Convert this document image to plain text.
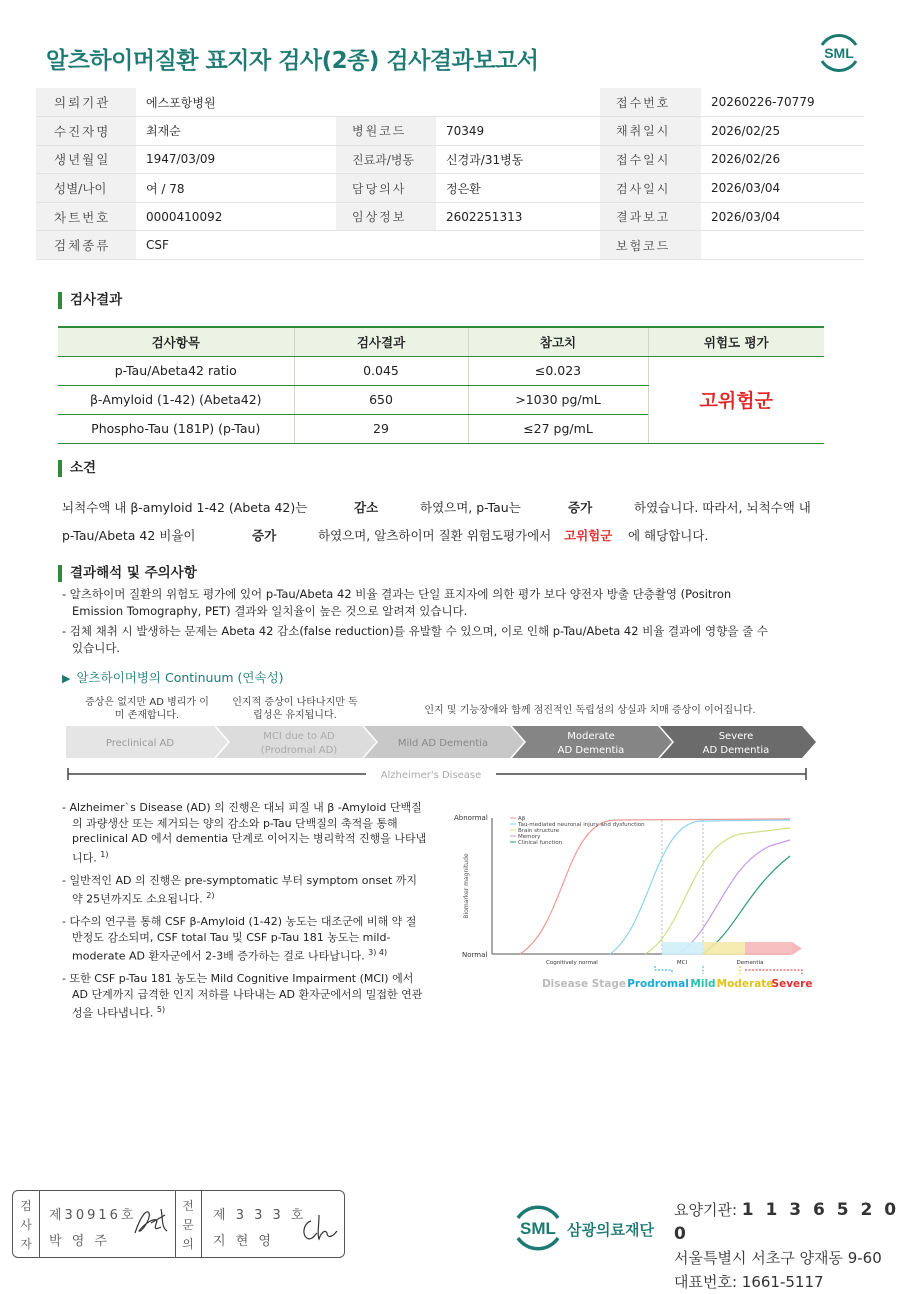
알츠하이머질환 표지자 검사(2종) 검사결과보고서	SML
의뢰기관	에스포항병원			접수번호	20260226-70779
수진자명	최재순	병원코드	70349	채취일시	2026/02/25
생년월일	1947/03/09	진료과/병동	신경과/31병동	접수일시	2026/02/26
성별/나이	여 / 78	담당의사	정은환	검사일시	2026/03/04
차트번호	0000410092	임상정보	2602251313	결과보고	2026/03/04
검체종류	CSF			보험코드	
검사결과
검사항목	검사결과	참고치	위험도 평가
p-Tau/Abeta42 ratio	0.045	≤0.023	고위험군
β-Amyloid (1-42) (Abeta42)	650	>1030 pg/mL	
Phospho-Tau (181P) (p-Tau)	29	≤27 pg/mL	
소견
뇌척수액 내 β-amyloid 1-42 (Abeta 42)는	감소	하였으며, p-Tau는	증가	하였습니다. 따라서, 뇌척수액 내
p-Tau/Abeta 42 비율이	증가	하였으며, 알츠하이머 질환 위험도평가에서 고위험군 에 해당합니다.
결과해석 및 주의사항
- 알츠하이머 질환의 위험도 평가에 있어 p-Tau/Abeta 42 비율 결과는 단일 표지자에 의한 평가 보다 양전자 방출 단층촬영 (Positron Emission Tomography, PET) 결과와 일치율이 높은 것으로 알려져 있습니다.
- 검체 채취 시 발생하는 문제는 Abeta 42 감소(false reduction)를 유발할 수 있으며, 이로 인해 p-Tau/Abeta 42 비율 결과에 영향을 줄 수 있습니다.
▶ 알츠하이머병의 Continuum (연속성)
증상은 없지만 AD 병리가 이미 존재합니다.
인지적 증상이 나타나지만 독립성은 유지됩니다.	인지 및 기능장애와 함께 점진적인 독립성의 상실과 치매 증상이 이어집니다.
Preclinical AD
MCI due to AD
(Prodromal AD)
Mild AD Dementia
Moderate
AD Dementia
Severe
AD Dementia
Alzheimer's Disease
- Alzheimer`s Disease (AD) 의 진행은 대뇌 피질 내 β -Amyloid 단백질의 과량생산 또는 제거되는 양의 감소와 p-Tau 단백질의 축적을 통해 preclinical AD 에서 dementia 단계로 이어지는 병리학적 진행을 나타냅니다. $^{1)}$
- 일반적인 AD 의 진행은 pre-symptomatic 부터 symptom onset 까지 약 25년까지도 소요됩니다. $^{2)}$
- 다수의 연구를 통해 CSF β-Amyloid (1-42) 농도는 대조군에 비해 약 절반정도 감소되며, CSF total Tau 및 CSF p-Tau 181 농도는 mild-moderate AD 환자군에서 2-3배 증가하는 걸로 나타납니다. $^{3) 4)}$
- 또한 CSF p-Tau 181 농도는 Mild Cognitive Impairment (MCI) 에서 AD 단계까지 급격한 인지 저하를 나타내는 AD 환자군에서의 밀접한 연관성을 나타냅니다. $^{5)}$
Abnormal
Normal
Biomarker magnitude
Aβ
Tau-mediated neuronal injury and dysfunction
Brain structure
Memory
Clinical function
Cognitively normal	MCI	Dementia
Disease Stage Prodromal Mild Moderate
Severe
검
사
자
제30916호
박 영 주
전
문
의
제 3 3 3 호
지 현 영
SML 삼광의료재단
요양기관: 1 1 3 6 5 2 0 0
서울특별시 서초구 양재동 9-60
대표번호: 1661-5117
